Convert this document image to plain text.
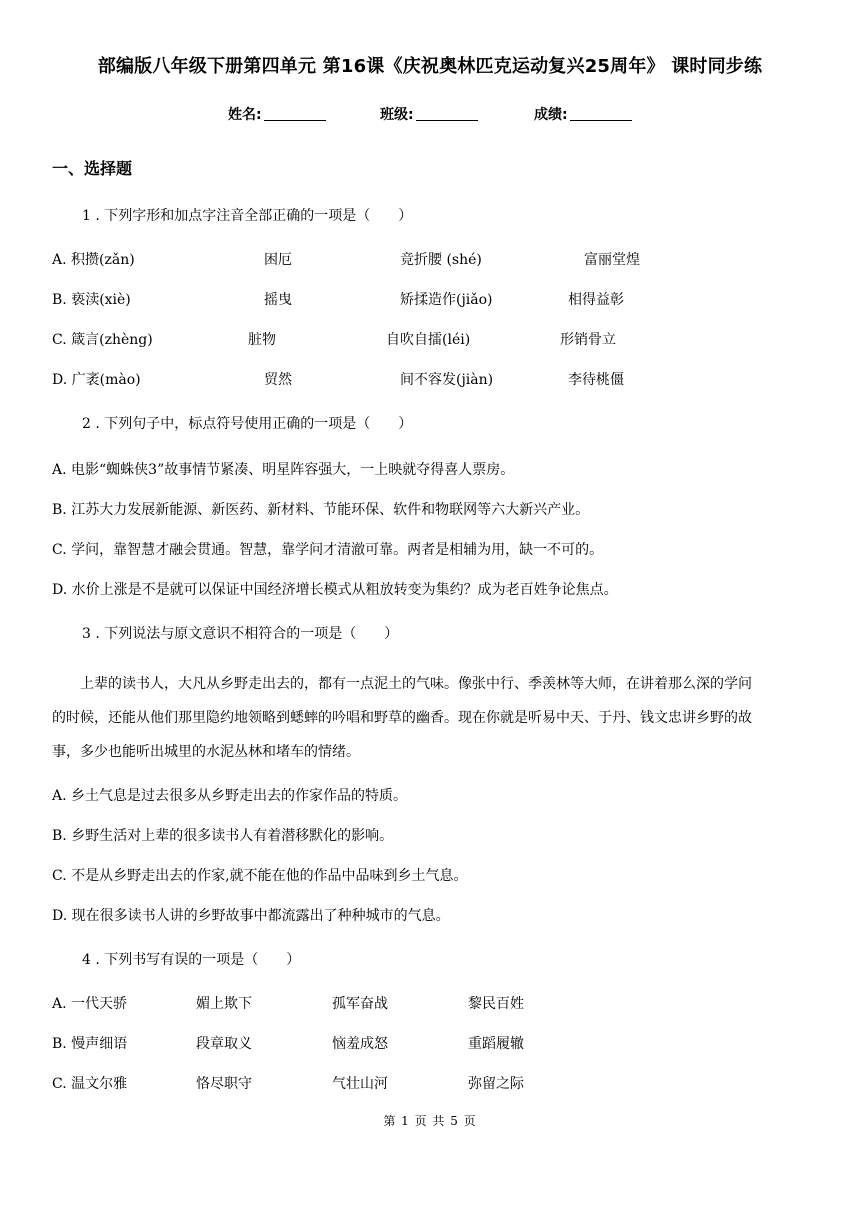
部编版八年级下册第四单元 第16课《庆祝奥林匹克运动复兴25周年》 课时同步练
姓名:	班级:	成绩:
一、选择题
1 . 下列字形和加点字注音全部正确的一项是（　　）
A. 积攒(zǎn)	困厄	竞折腰 (shé)	富丽堂煌
B. 亵渎(xiè)	摇曳	矫揉造作(jiǎo)	相得益彰
C. 箴言(zhèng)	脏物	自吹自擂(léi)	形销骨立
D. 广袤(mào)	贸然	间不容发(jiàn)	李待桃僵
2 . 下列句子中，标点符号使用正确的一项是（　　）
A. 电影“蜘蛛侠3”故事情节紧凑、明星阵容强大，一上映就夺得喜人票房。
B. 江苏大力发展新能源、新医药、新材料、节能环保、软件和物联网等六大新兴产业。
C. 学问，靠智慧才融会贯通。智慧，靠学问才清澈可靠。两者是相辅为用，缺一不可的。
D. 水价上涨是不是就可以保证中国经济增长模式从粗放转变为集约？成为老百姓争论焦点。
3 . 下列说法与原文意识不相符合的一项是（　　）
上辈的读书人，大凡从乡野走出去的，都有一点泥土的气味。像张中行、季羡林等大师，在讲着那么深的学问
的时候，还能从他们那里隐约地领略到蟋蟀的吟唱和野草的幽香。现在你就是听易中天、于丹、钱文忠讲乡野的故
事，多少也能听出城里的水泥丛林和堵车的情绪。
A. 乡土气息是过去很多从乡野走出去的作家作品的特质。
B. 乡野生活对上辈的很多读书人有着潜移默化的影响。
C. 不是从乡野走出去的作家,就不能在他的作品中品味到乡土气息。
D. 现在很多读书人讲的乡野故事中都流露出了种种城市的气息。
4 . 下列书写有误的一项是（　　）
A. 一代天骄	媚上欺下	孤军奋战	黎民百姓
B. 慢声细语	段章取义	恼羞成怒	重蹈履辙
C. 温文尔雅	恪尽职守	气壮山河	弥留之际
第 1 页 共 5 页
